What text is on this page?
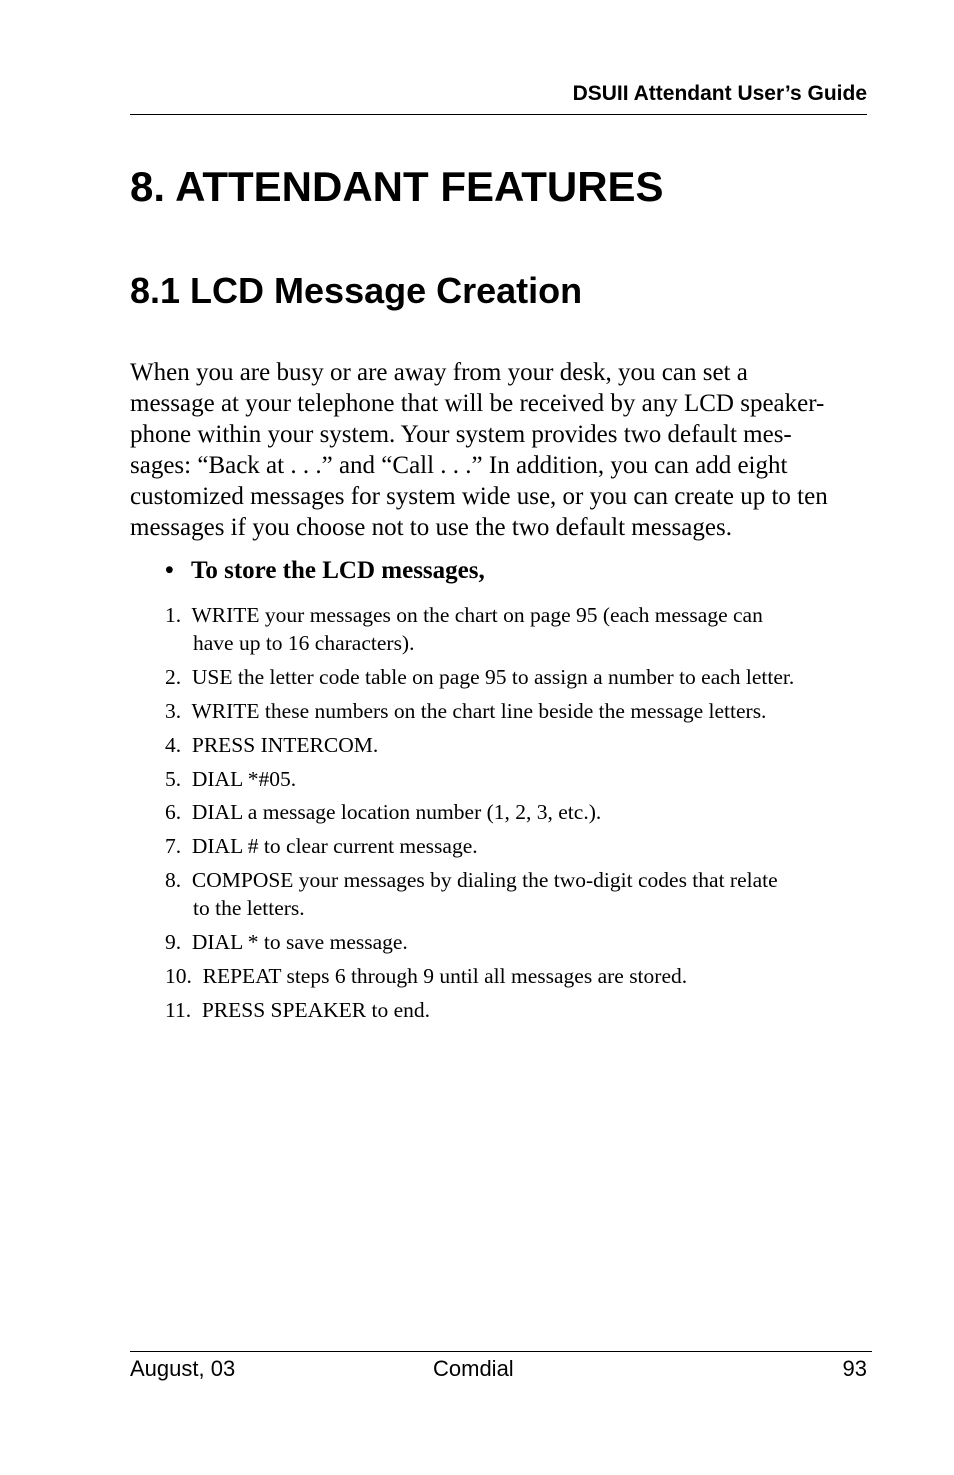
DSUII Attendant User’s Guide
8. ATTENDANT FEATURES
8.1 LCD Message Creation

When you are busy or are away from your desk, you can set a
message at your telephone that will be received by any LCD speaker-
phone within your system. Your system provides two default mes-
sages: “Back at . . .” and “Call . . .” In addition, you can add eight
customized messages for system wide use, or you can create up to ten
messages if you choose not to use the two default messages.

• To store the LCD messages,

1. WRITE your messages on the chart on page 95 (each message can
have up to 16 characters).
2. USE the letter code table on page 95 to assign a number to each letter.
3. WRITE these numbers on the chart line beside the message letters.
4. PRESS INTERCOM.
5. DIAL *#05.
6. DIAL a message location number (1, 2, 3, etc.).
7. DIAL # to clear current message.
8. COMPOSE your messages by dialing the two-digit codes that relate
to the letters.
9. DIAL * to save message.
10. REPEAT steps 6 through 9 until all messages are stored.
11. PRESS SPEAKER to end.
August, 03	Comdial	93
